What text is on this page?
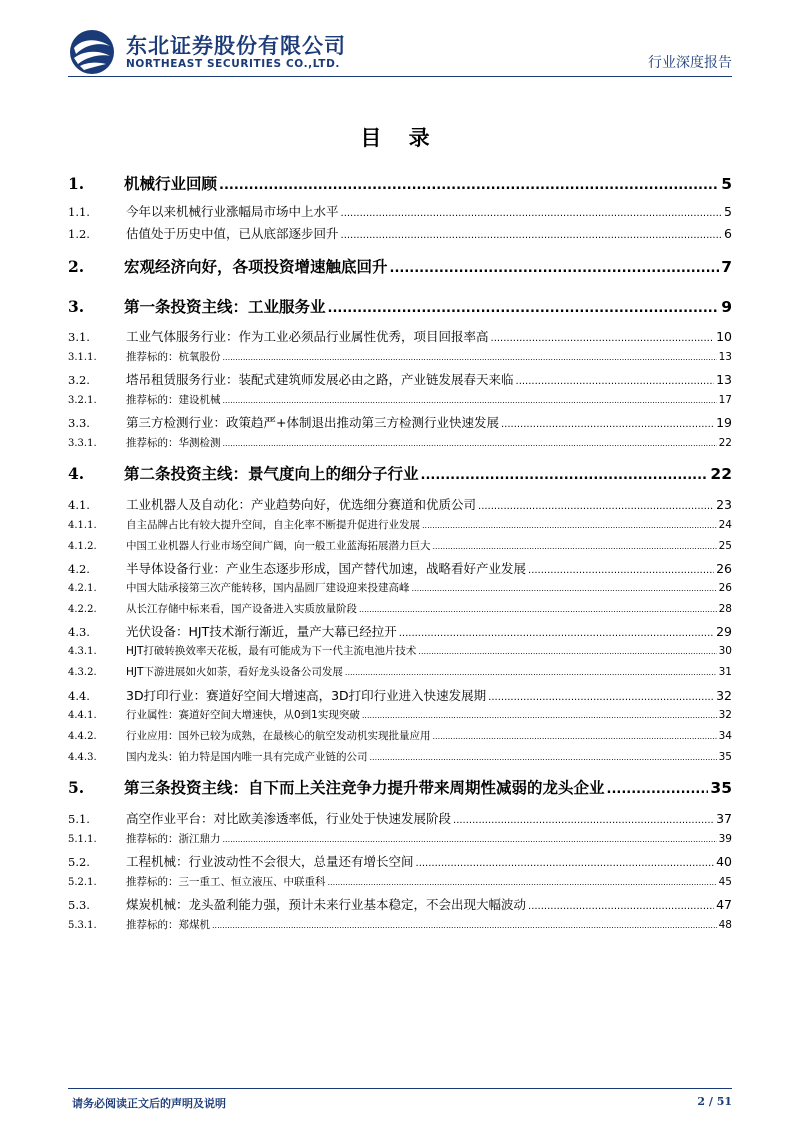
东北证券股份有限公司
NORTHEAST SECURITIES CO.,LTD.	行业深度报告
目 录
1.	机械行业回顾 .....	5
1.1.	今年以来机械行业涨幅局市场中上水平 .....	5
1.2.	估值处于历史中值，已从底部逐步回升 .....	6
2.	宏观经济向好，各项投资增速触底回升 .....	7
3.	第一条投资主线：工业服务业 .....	9
3.1.	工业气体服务行业：作为工业必须品行业属性优秀，项目回报率高 .....	10
3.1.1.	推荐标的：杭氧股份 .....	13
3.2.	塔吊租赁服务行业：装配式建筑师发展必由之路，产业链发展春天来临 .....	13
3.2.1.	推荐标的：建设机械 .....	17
3.3.	第三方检测行业：政策趋严+体制退出推动第三方检测行业快速发展 .....	19
3.3.1.	推荐标的：华测检测 .....	22
4.	第二条投资主线：景气度向上的细分子行业 .....	22
4.1.	工业机器人及自动化：产业趋势向好，优选细分赛道和优质公司 .....	23
4.1.1.	自主品牌占比有较大提升空间，自主化率不断提升促进行业发展 .....	24
4.1.2.	中国工业机器人行业市场空间广阔，向一般工业蓝海拓展潜力巨大 .....	25
4.2.	半导体设备行业：产业生态逐步形成，国产替代加速，战略看好产业发展 .....	26
4.2.1.	中国大陆承接第三次产能转移，国内晶圆厂建设迎来投建高峰 .....	26
4.2.2.	从长江存储中标来看，国产设备进入实质放量阶段 .....	28
4.3.	光伏设备：HJT技术渐行渐近，量产大幕已经拉开 .....	29
4.3.1.	HJT打破转换效率天花板，最有可能成为下一代主流电池片技术 .....	30
4.3.2.	HJT下游进展如火如荼，看好龙头设备公司发展 .....	31
4.4.	3D打印行业：赛道好空间大增速高，3D打印行业进入快速发展期 .....	32
4.4.1.	行业属性：赛道好空间大增速快，从0到1实现突破 .....	32
4.4.2.	行业应用：国外已较为成熟，在最核心的航空发动机实现批量应用 .....	34
4.4.3.	国内龙头：铂力特是国内唯一具有完成产业链的公司 .....	35
5.	第三条投资主线：自下而上关注竞争力提升带来周期性减弱的龙头企业 .....	35
5.1.	高空作业平台：对比欧美渗透率低，行业处于快速发展阶段 .....	37
5.1.1.	推荐标的：浙江鼎力 .....	39
5.2.	工程机械：行业波动性不会很大，总量还有增长空间 .....	40
5.2.1.	推荐标的：三一重工、恒立液压、中联重科 .....	45
5.3.	煤炭机械：龙头盈利能力强，预计未来行业基本稳定，不会出现大幅波动 .....	47
5.3.1.	推荐标的：郑煤机 .....	48
请务必阅读正文后的声明及说明	2 / 51
